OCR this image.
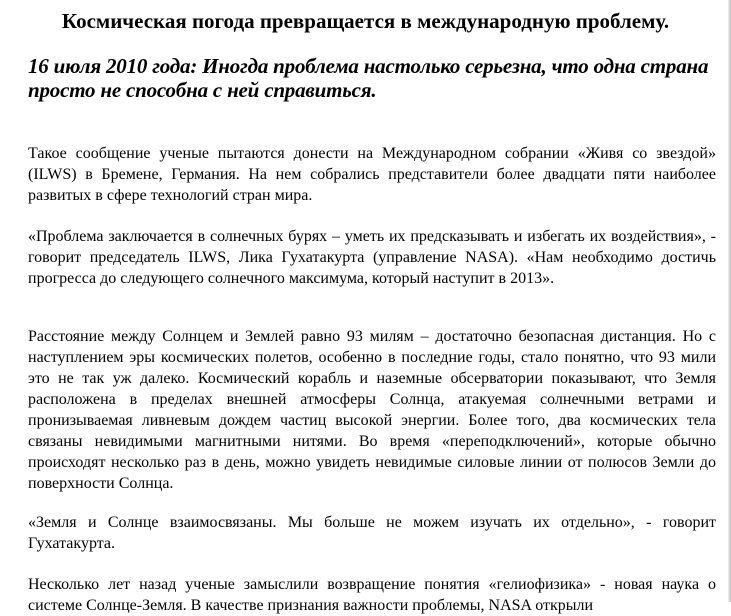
Космическая погода превращается в международную проблему.
16 июля 2010 года: Иногда проблема настолько серьезна, что одна страна просто не способна с ней справиться.

Такое сообщение ученые пытаются донести на Международном собрании «Живя со звездой» (ILWS) в Бремене, Германия. На нем собрались представители более двадцати пяти наиболее развитых в сфере технологий стран мира.

«Проблема заключается в солнечных бурях – уметь их предсказывать и избегать их воздействия», - говорит председатель ILWS, Лика Гухатакурта (управление NASA). «Нам необходимо достичь прогресса до следующего солнечного максимума, который наступит в 2013».

Расстояние между Солнцем и Землей равно 93 милям – достаточно безопасная дистанция. Но с наступлением эры космических полетов, особенно в последние годы, стало понятно, что 93 мили это не так уж далеко. Космический корабль и наземные обсерватории показывают, что Земля расположена в пределах внешней атмосферы Солнца, атакуемая солнечными ветрами и пронизываемая ливневым дождем частиц высокой энергии. Более того, два космических тела связаны невидимыми магнитными нитями. Во время «переподключений», которые обычно происходят несколько раз в день, можно увидеть невидимые силовые линии от полюсов Земли до поверхности Солнца.

«Земля и Солнце взаимосвязаны. Мы больше не можем изучать их отдельно», - говорит Гухатакурта.

Несколько лет назад ученые замыслили возвращение понятия «гелиофизика» - новая наука о системе Солнце-Земля. В качестве признания важности проблемы, NASA открыли
